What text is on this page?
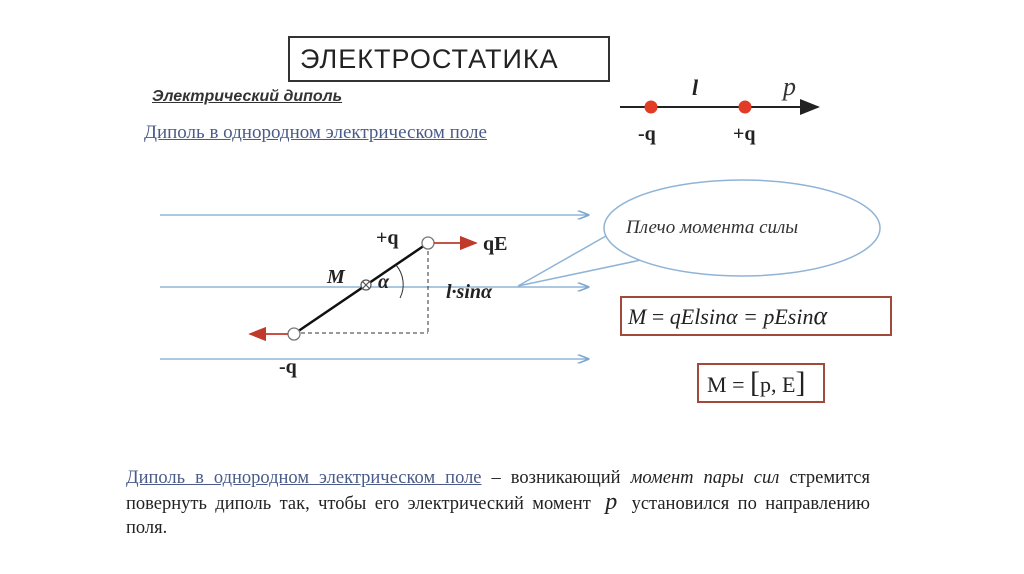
ЭЛЕКТРОСТАТИКА
Электрический диполь
Диполь в однородном электрическом поле
l	p
-q	+q
Плечо момента силы
+q
-q
qE
M α	l·sinα
M = qElsinα = pEsinα
M = [p, E]
Диполь в однородном электрическом поле – возникающий момент пары сил стремится повернуть диполь так, чтобы его электрический момент p установился по направлению поля.
